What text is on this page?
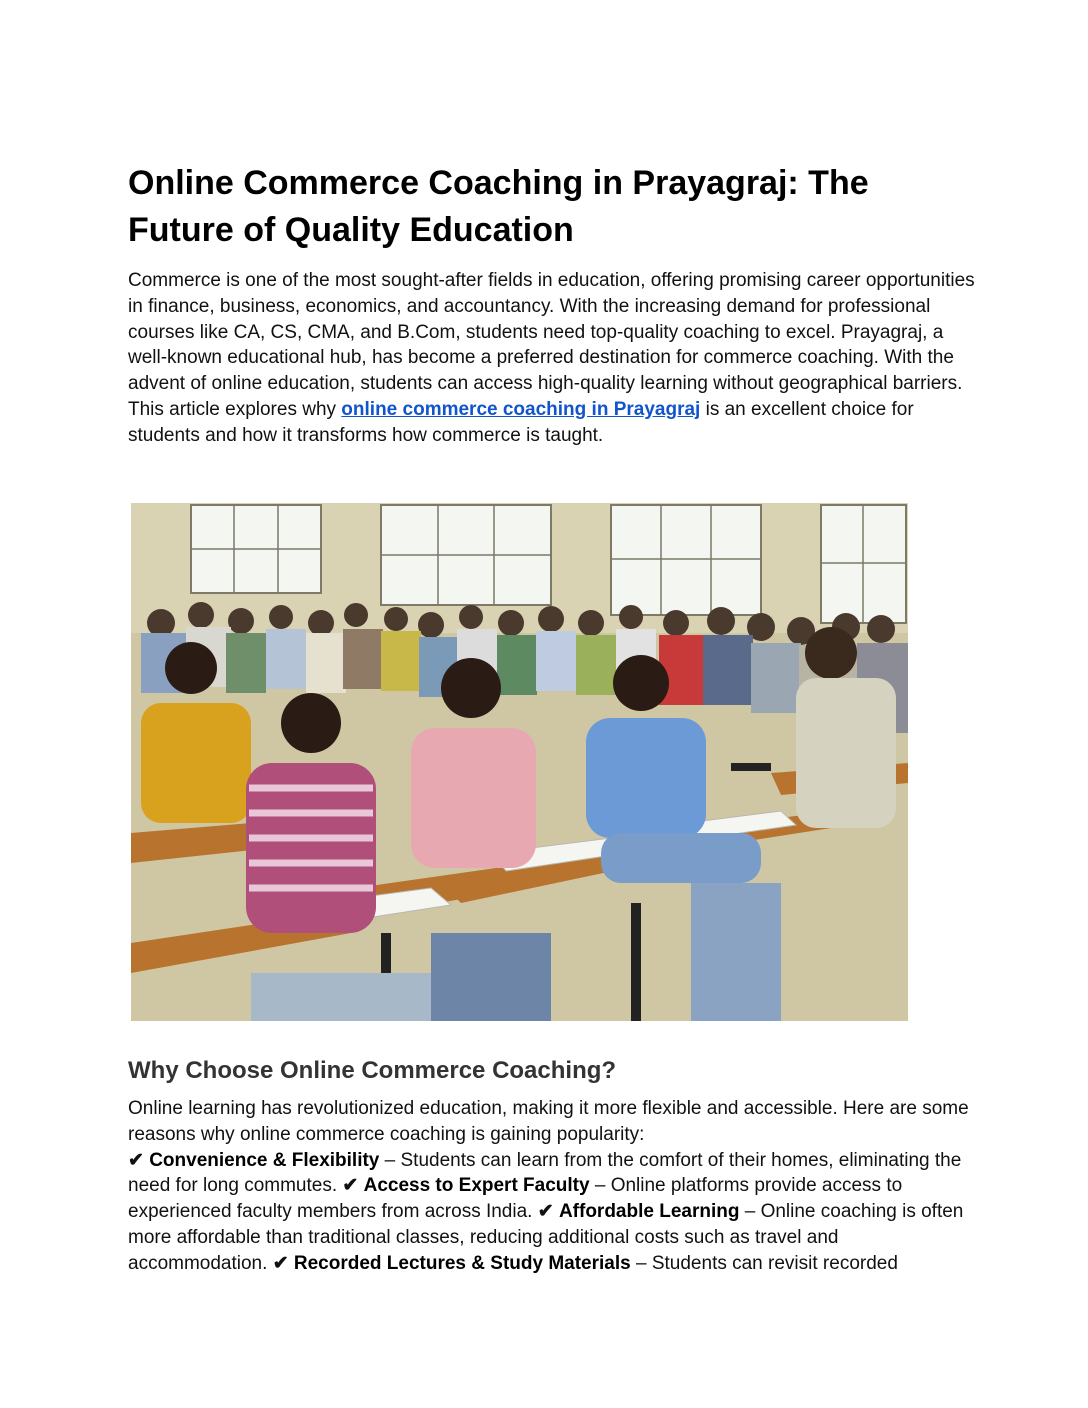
Online Commerce Coaching in Prayagraj: The Future of Quality Education

Commerce is one of the most sought-after fields in education, offering promising career opportunities in finance, business, economics, and accountancy. With the increasing demand for professional courses like CA, CS, CMA, and B.Com, students need top-quality coaching to excel. Prayagraj, a well-known educational hub, has become a preferred destination for commerce coaching. With the advent of online education, students can access high-quality learning without geographical barriers.

This article explores why online commerce coaching in Prayagraj is an excellent choice for students and how it transforms how commerce is taught.

Why Choose Online Commerce Coaching?
Online learning has revolutionized education, making it more flexible and accessible. Here are some reasons why online commerce coaching is gaining popularity:
✔ Convenience & Flexibility – Students can learn from the comfort of their homes, eliminating the need for long commutes. ✔ Access to Expert Faculty – Online platforms provide access to experienced faculty members from across India. ✔ Affordable Learning – Online coaching is often more affordable than traditional classes, reducing additional costs such as travel and accommodation. ✔ Recorded Lectures & Study Materials – Students can revisit recorded
